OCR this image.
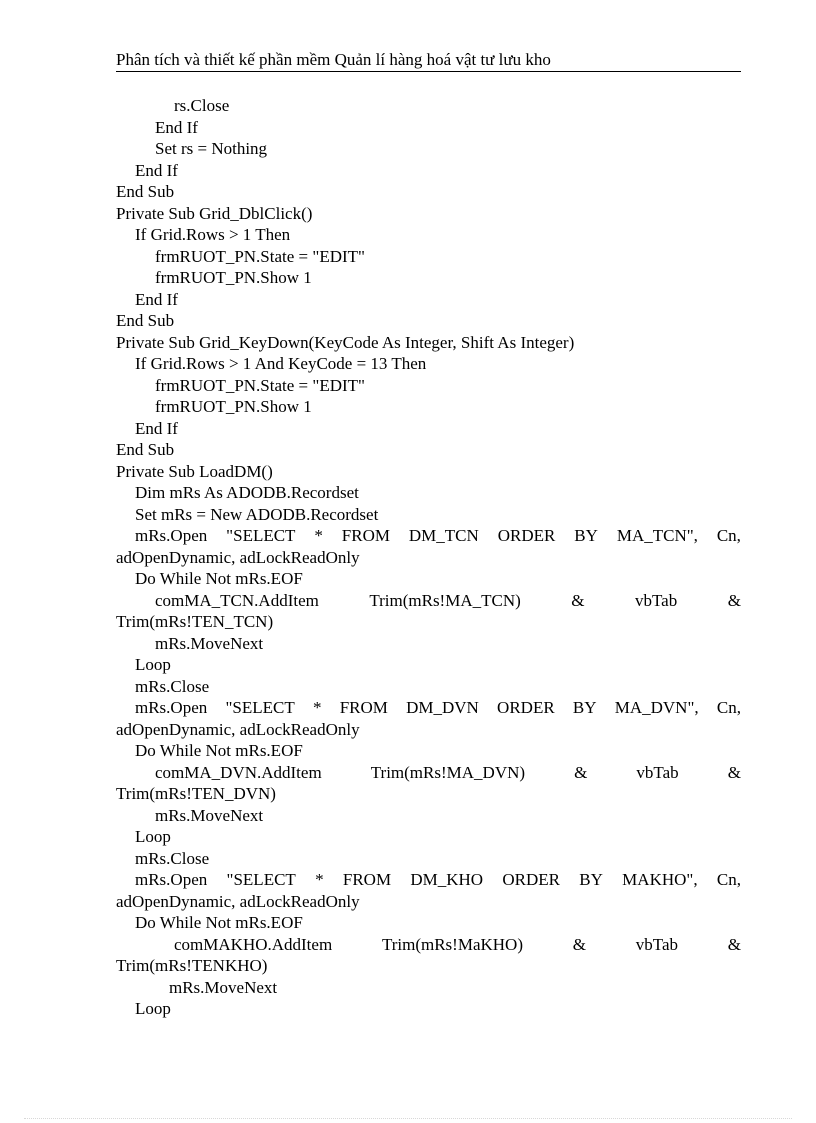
Phân tích và thiết kế phần mềm Quản lí hàng hoá vật tư lưu kho
rs.Close
End If
Set rs = Nothing
End If
End Sub
Private Sub Grid_DblClick()
If Grid.Rows > 1 Then
frmRUOT_PN.State = "EDIT"
frmRUOT_PN.Show 1
End If
End Sub
Private Sub Grid_KeyDown(KeyCode As Integer, Shift As Integer)
If Grid.Rows > 1 And KeyCode = 13 Then
frmRUOT_PN.State = "EDIT"
frmRUOT_PN.Show 1
End If
End Sub
Private Sub LoadDM()
Dim mRs As ADODB.Recordset
Set mRs = New ADODB.Recordset
mRs.Open "SELECT * FROM DM_TCN ORDER BY MA_TCN", Cn,
adOpenDynamic, adLockReadOnly
Do While Not mRs.EOF
comMA_TCN.AddItem	Trim(mRs!MA_TCN)	&	vbTab	&
Trim(mRs!TEN_TCN)
mRs.MoveNext
Loop
mRs.Close
mRs.Open "SELECT * FROM DM_DVN ORDER BY MA_DVN", Cn,
adOpenDynamic, adLockReadOnly
Do While Not mRs.EOF
comMA_DVN.AddItem	Trim(mRs!MA_DVN)	&	vbTab	&
Trim(mRs!TEN_DVN)
mRs.MoveNext
Loop
mRs.Close
mRs.Open "SELECT * FROM DM_KHO ORDER BY MAKHO", Cn,
adOpenDynamic, adLockReadOnly
Do While Not mRs.EOF
comMAKHO.AddItem	Trim(mRs!MaKHO)	&	vbTab	&
Trim(mRs!TENKHO)
mRs.MoveNext
Loop
